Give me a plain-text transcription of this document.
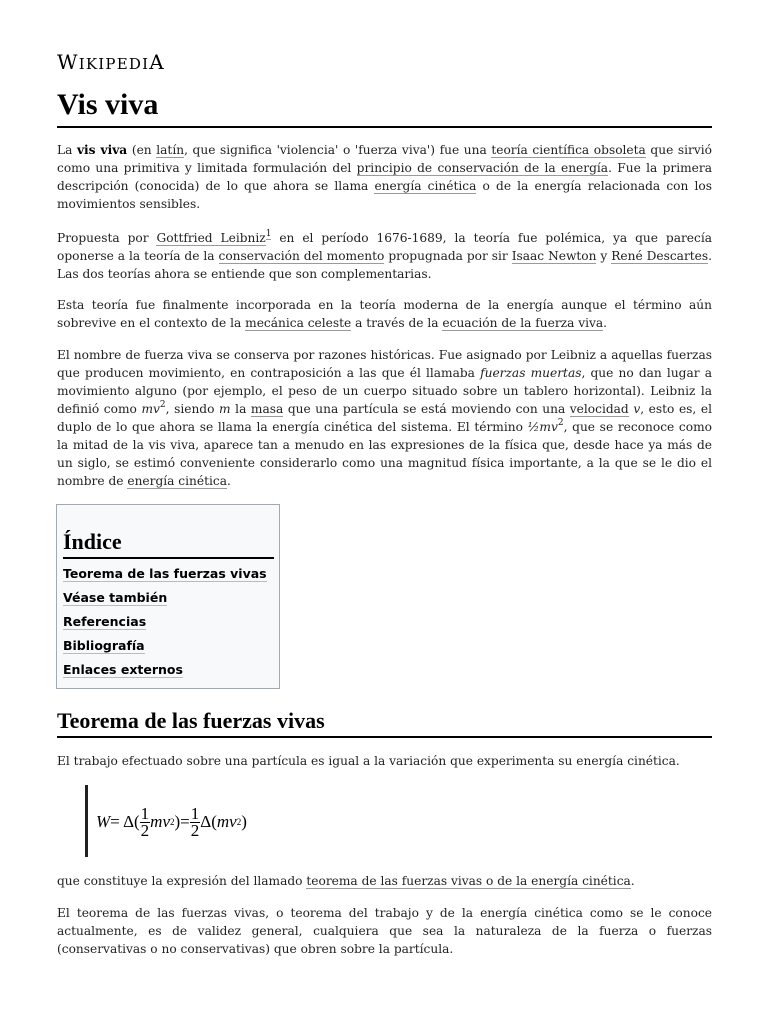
WIKIPEDIA
Vis viva

La vis viva (en latín, que significa 'violencia' o 'fuerza viva') fue una teoría científica obsoleta que sirvió como una primitiva y limitada formulación del principio de conservación de la energía. Fue la primera descripción (conocida) de lo que ahora se llama energía cinética o de la energía relacionada con los movimientos sensibles.

Propuesta por Gottfried Leibniz$^1$ en el período 1676-1689, la teoría fue polémica, ya que parecía oponerse a la teoría de la conservación del momento propugnada por sir Isaac Newton y René Descartes. Las dos teorías ahora se entiende que son complementarias.

Esta teoría fue finalmente incorporada en la teoría moderna de la energía aunque el término aún sobrevive en el contexto de la mecánica celeste a través de la ecuación de la fuerza viva.

El nombre de fuerza viva se conserva por razones históricas. Fue asignado por Leibniz a aquellas fuerzas que producen movimiento, en contraposición a las que él llamaba fuerzas muertas, que no dan lugar a movimiento alguno (por ejemplo, el peso de un cuerpo situado sobre un tablero horizontal). Leibniz la definió como $mv^2$, siendo m la masa que una partícula se está moviendo con una velocidad v, esto es, el duplo de lo que ahora se llama la energía cinética del sistema. El término $\frac{1}{2}mv^2$, que se reconoce como la mitad de la vis viva, aparece tan a menudo en las expresiones de la física que, desde hace ya más de un siglo, se estimó conveniente considerarlo como una magnitud física importante, a la que se le dio el nombre de energía cinética.

Índice
Teorema de las fuerzas vivas
Véase también
Referencias
Bibliografía
Enlaces externos
Teorema de las fuerzas vivas

El trabajo efectuado sobre una partícula es igual a la variación que experimenta su energía cinética.

$W = \Delta( \frac{1}{2}$ mv 2 ) = $\frac{1}{2} \Delta$( mv 2 )

que constituye la expresión del llamado teorema de las fuerzas vivas o de la energía cinética.

El teorema de las fuerzas vivas, o teorema del trabajo y de la energía cinética como se le conoce actualmente, es de validez general, cualquiera que sea la naturaleza de la fuerza o fuerzas (conservativas o no conservativas) que obren sobre la partícula.
